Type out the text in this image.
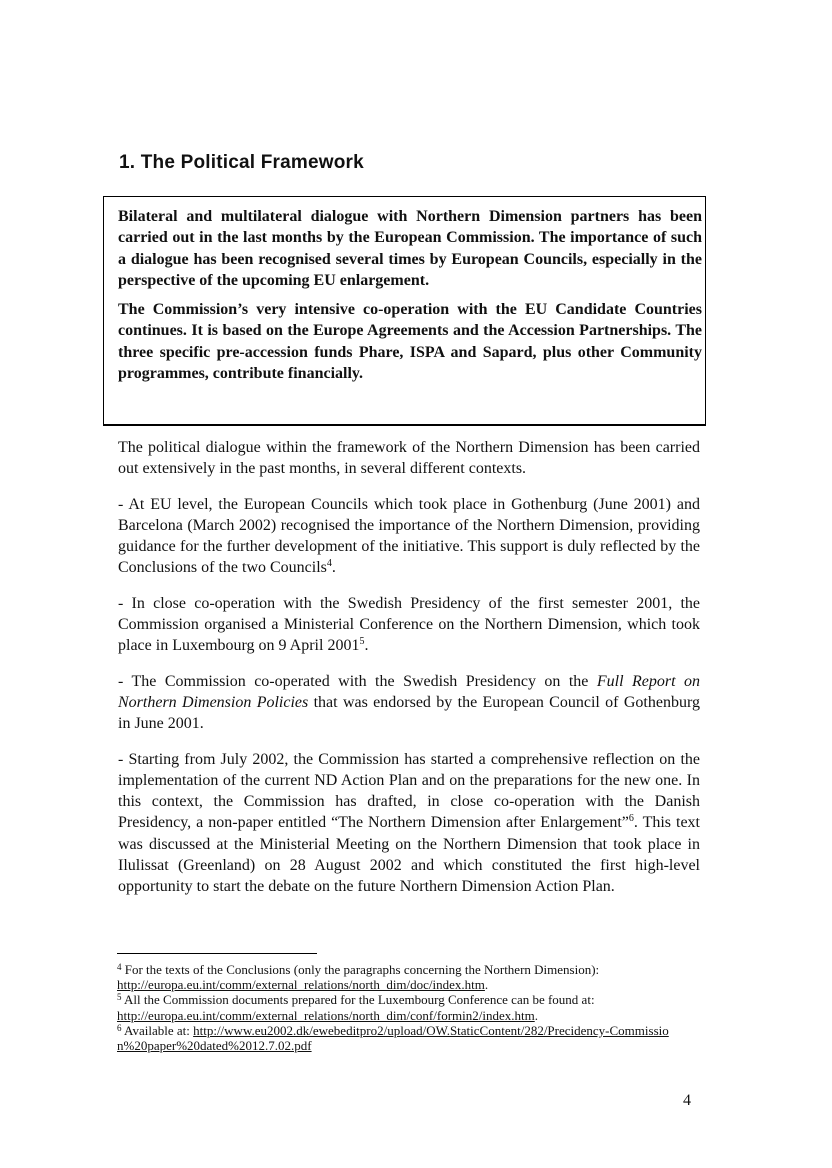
1. The Political Framework

Bilateral and multilateral dialogue with Northern Dimension partners has been carried out in the last months by the European Commission. The importance of such a dialogue has been recognised several times by European Councils, especially in the perspective of the upcoming EU enlargement.

The Commission’s very intensive co-operation with the EU Candidate Countries continues. It is based on the Europe Agreements and the Accession Partnerships. The three specific pre-accession funds Phare, ISPA and Sapard, plus other Community programmes, contribute financially.

The political dialogue within the framework of the Northern Dimension has been carried out extensively in the past months, in several different contexts.

- At EU level, the European Councils which took place in Gothenburg (June 2001) and Barcelona (March 2002) recognised the importance of the Northern Dimension, providing guidance for the further development of the initiative. This support is duly reflected by the Conclusions of the two Councils$^4$.

- In close co-operation with the Swedish Presidency of the first semester 2001, the Commission organised a Ministerial Conference on the Northern Dimension, which took place in Luxembourg on 9 April 2001$^5$.

- The Commission co-operated with the Swedish Presidency on the Full Report on Northern Dimension Policies that was endorsed by the European Council of Gothenburg in June 2001.

- Starting from July 2002, the Commission has started a comprehensive reflection on the implementation of the current ND Action Plan and on the preparations for the new one. In this context, the Commission has drafted, in close co-operation with the Danish Presidency, a non-paper entitled “The Northern Dimension after Enlargement”$^6$. This text was discussed at the Ministerial Meeting on the Northern Dimension that took place in Ilulissat (Greenland) on 28 August 2002 and which constituted the first high-level opportunity to start the debate on the future Northern Dimension Action Plan.

$^4$ For the texts of the Conclusions (only the paragraphs concerning the Northern Dimension):
http://europa.eu.int/comm/external_relations/north_dim/doc/index.htm.
$^5$ All the Commission documents prepared for the Luxembourg Conference can be found at:
http://europa.eu.int/comm/external_relations/north_dim/conf/formin2/index.htm.
$^6$ Available at: http://www.eu2002.dk/ewebeditpro2/upload/OW.StaticContent/282/Precidency-Commission%20paper%20dated%2012.7.02.pdf
4
